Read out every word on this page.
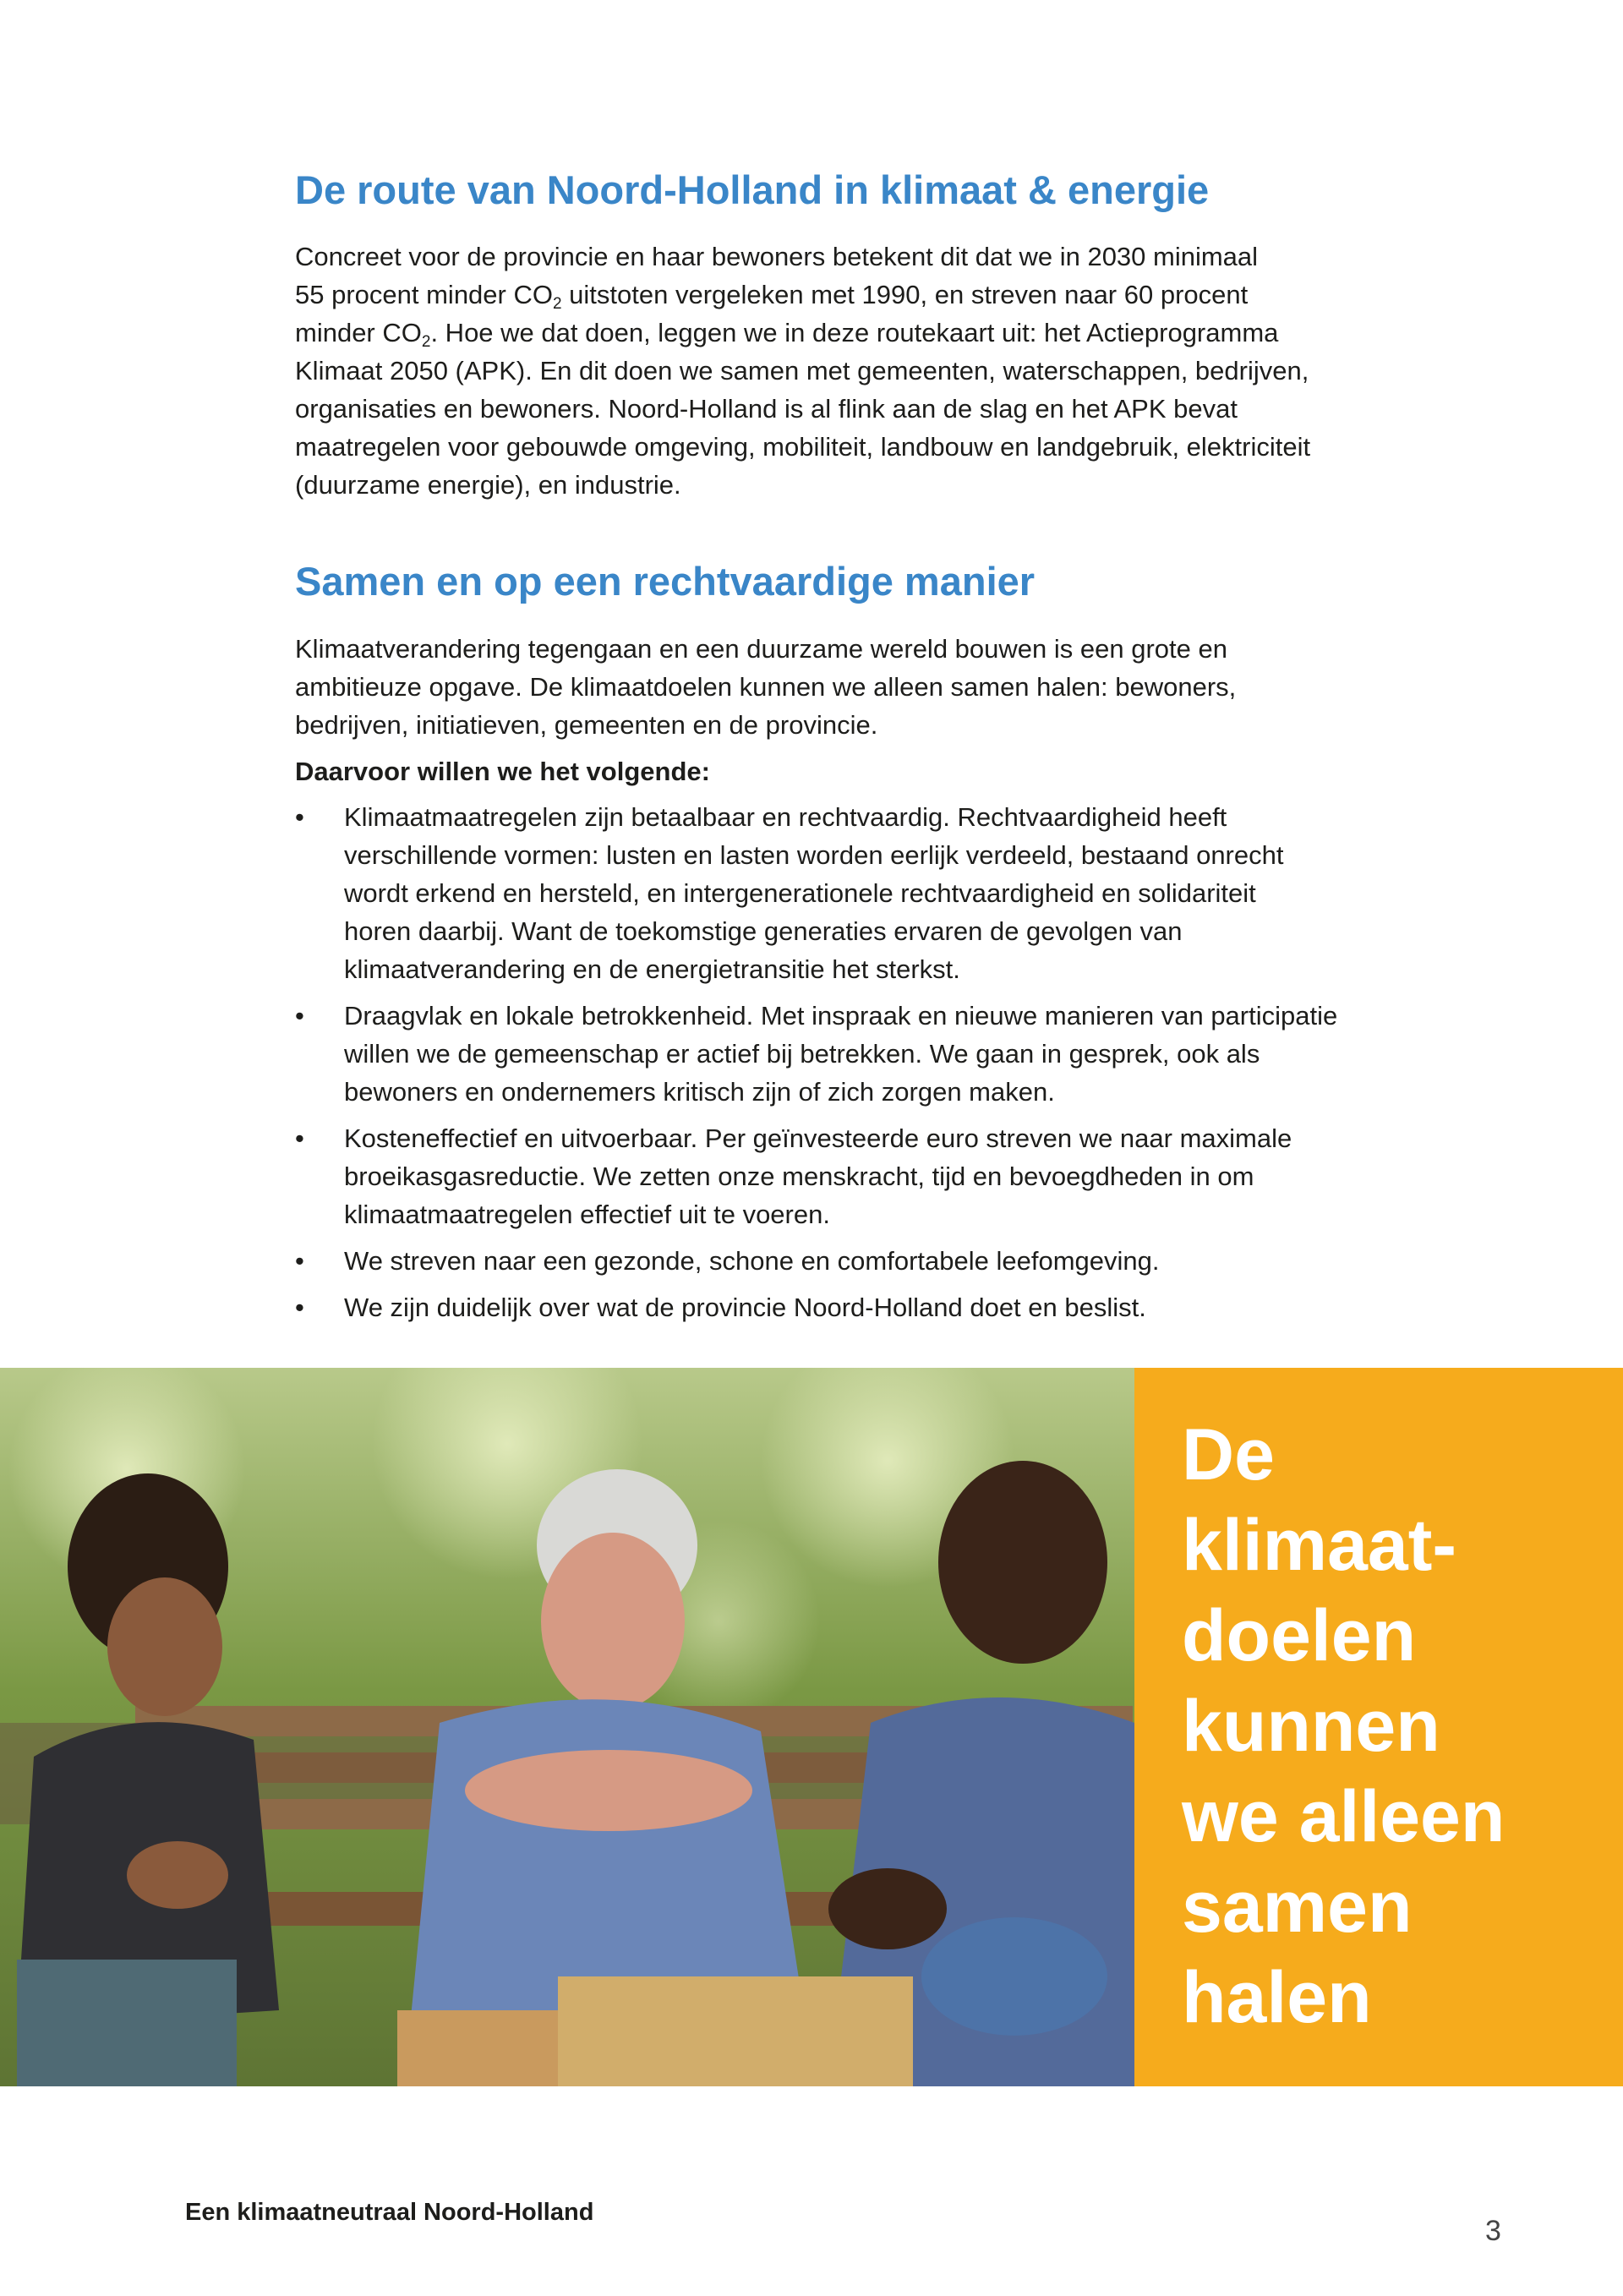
De route van Noord-Holland in klimaat & energie

Concreet voor de provincie en haar bewoners betekent dit dat we in 2030 minimaal
55 procent minder $CO_2$ uitstoten vergeleken met 1990, en streven naar 60 procent
minder $CO_2$. Hoe we dat doen, leggen we in deze routekaart uit: het Actieprogramma
Klimaat 2050 (APK). En dit doen we samen met gemeenten, waterschappen, bedrijven,
organisaties en bewoners. Noord-Holland is al flink aan de slag en het APK bevat
maatregelen voor gebouwde omgeving, mobiliteit, landbouw en landgebruik, elektriciteit
(duurzame energie), en industrie.

Samen en op een rechtvaardige manier

Klimaatverandering tegengaan en een duurzame wereld bouwen is een grote en
ambitieuze opgave. De klimaatdoelen kunnen we alleen samen halen: bewoners,
bedrijven, initiatieven, gemeenten en de provincie.

Daarvoor willen we het volgende:

• Klimaatmaatregelen zijn betaalbaar en rechtvaardig. Rechtvaardigheid heeft
verschillende vormen: lusten en lasten worden eerlijk verdeeld, bestaand onrecht
wordt erkend en hersteld, en intergenerationele rechtvaardigheid en solidariteit
horen daarbij. Want de toekomstige generaties ervaren de gevolgen van
klimaatverandering en de energietransitie het sterkst.
• Draagvlak en lokale betrokkenheid. Met inspraak en nieuwe manieren van participatie
willen we de gemeenschap er actief bij betrekken. We gaan in gesprek, ook als
bewoners en ondernemers kritisch zijn of zich zorgen maken.
• Kosteneffectief en uitvoerbaar. Per geïnvesteerde euro streven we naar maximale
broeikasgasreductie. We zetten onze menskracht, tijd en bevoegdheden in om
klimaatmaatregelen effectief uit te voeren.
• We streven naar een gezonde, schone en comfortabele leefomgeving.
• We zijn duidelijk over wat de provincie Noord-Holland doet en beslist.

De
klimaat-
doelen
kunnen
we alleen
samen
halen

Een klimaatneutraal Noord-Holland
3
